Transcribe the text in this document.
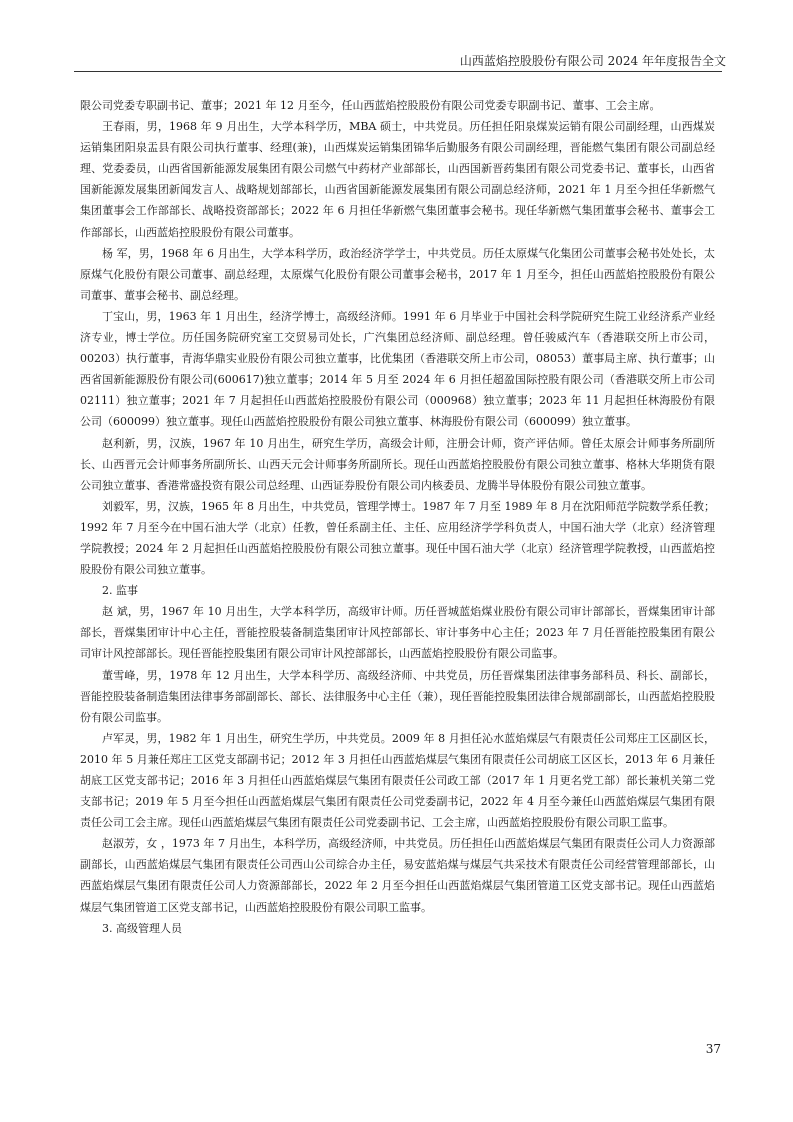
山西蓝焰控股股份有限公司 2024 年年度报告全文

限公司党委专职副书记、董事；2021 年 12 月至今，任山西蓝焰控股股份有限公司党委专职副书记、董事、工会主席。

王春雨，男，1968 年 9 月出生，大学本科学历，MBA 硕士，中共党员。历任担任阳泉煤炭运销有限公司副经理，山西煤炭运销集团阳泉盂县有限公司执行董事、经理(兼)，山西煤炭运销集团锦华后勤服务有限公司副经理，晋能燃气集团有限公司副总经理、党委委员，山西省国新能源发展集团有限公司燃气中药材产业部部长，山西国新晋药集团有限公司党委书记、董事长，山西省国新能源发展集团新闻发言人、战略规划部部长，山西省国新能源发展集团有限公司副总经济师，2021 年 1 月至今担任华新燃气集团董事会工作部部长、战略投资部部长；2022 年 6 月担任华新燃气集团董事会秘书。现任华新燃气集团董事会秘书、董事会工作部部长，山西蓝焰控股股份有限公司董事。

杨 军，男，1968 年 6 月出生，大学本科学历，政治经济学学士，中共党员。历任太原煤气化集团公司董事会秘书处处长，太原煤气化股份有限公司董事、副总经理，太原煤气化股份有限公司董事会秘书，2017 年 1 月至今，担任山西蓝焰控股股份有限公司董事、董事会秘书、副总经理。

丁宝山，男，1963 年 1 月出生，经济学博士，高级经济师。1991 年 6 月毕业于中国社会科学院研究生院工业经济系产业经济专业，博士学位。历任国务院研究室工交贸易司处长，广汽集团总经济师、副总经理。曾任骏威汽车（香港联交所上市公司，00203）执行董事，青海华鼎实业股份有限公司独立董事，比优集团（香港联交所上市公司，08053）董事局主席、执行董事；山西省国新能源股份有限公司(600617)独立董事；2014 年 5 月至 2024 年 6 月担任超盈国际控股有限公司（香港联交所上市公司 02111）独立董事；2021 年 7 月起担任山西蓝焰控股股份有限公司（000968）独立董事；2023 年 11 月起担任林海股份有限公司（600099）独立董事。现任山西蓝焰控股股份有限公司独立董事、林海股份有限公司（600099）独立董事。

赵利新，男，汉族，1967 年 10 月出生，研究生学历，高级会计师，注册会计师，资产评估师。曾任太原会计师事务所副所长、山西晋元会计师事务所副所长、山西天元会计师事务所副所长。现任山西蓝焰控股股份有限公司独立董事、格林大华期货有限公司独立董事、香港常盛投资有限公司总经理、山西证券股份有限公司内核委员、龙腾半导体股份有限公司独立董事。

刘毅军，男，汉族，1965 年 8 月出生，中共党员，管理学博士。1987 年 7 月至 1989 年 8 月在沈阳师范学院数学系任教；1992 年 7 月至今在中国石油大学（北京）任教，曾任系副主任、主任、应用经济学学科负责人，中国石油大学（北京）经济管理学院教授；2024 年 2 月起担任山西蓝焰控股股份有限公司独立董事。现任中国石油大学（北京）经济管理学院教授，山西蓝焰控股股份有限公司独立董事。

2. 监事

赵 斌，男，1967 年 10 月出生，大学本科学历，高级审计师。历任晋城蓝焰煤业股份有限公司审计部部长，晋煤集团审计部部长，晋煤集团审计中心主任，晋能控股装备制造集团审计风控部部长、审计事务中心主任；2023 年 7 月任晋能控股集团有限公司审计风控部部长。现任晋能控股集团有限公司审计风控部部长，山西蓝焰控股股份有限公司监事。

董雪峰，男，1978 年 12 月出生，大学本科学历、高级经济师、中共党员，历任晋煤集团法律事务部科员、科长、副部长，晋能控股装备制造集团法律事务部副部长、部长、法律服务中心主任（兼），现任晋能控股集团法律合规部副部长，山西蓝焰控股股份有限公司监事。

卢军灵，男，1982 年 1 月出生，研究生学历，中共党员。2009 年 8 月担任沁水蓝焰煤层气有限责任公司郑庄工区副区长，2010 年 5 月兼任郑庄工区党支部副书记；2012 年 3 月担任山西蓝焰煤层气集团有限责任公司胡底工区区长，2013 年 6 月兼任胡底工区党支部书记；2016 年 3 月担任山西蓝焰煤层气集团有限责任公司政工部（2017 年 1 月更名党工部）部长兼机关第二党支部书记；2019 年 5 月至今担任山西蓝焰煤层气集团有限责任公司党委副书记，2022 年 4 月至今兼任山西蓝焰煤层气集团有限责任公司工会主席。现任山西蓝焰煤层气集团有限责任公司党委副书记、工会主席，山西蓝焰控股股份有限公司职工监事。

赵淑芳，女 ，1973 年 7 月出生，本科学历，高级经济师，中共党员。历任担任山西蓝焰煤层气集团有限责任公司人力资源部副部长，山西蓝焰煤层气集团有限责任公司西山公司综合办主任，易安蓝焰煤与煤层气共采技术有限责任公司经营管理部部长，山西蓝焰煤层气集团有限责任公司人力资源部部长，2022 年 2 月至今担任山西蓝焰煤层气集团管道工区党支部书记。现任山西蓝焰煤层气集团管道工区党支部书记，山西蓝焰控股股份有限公司职工监事。

3. 高级管理人员

37
